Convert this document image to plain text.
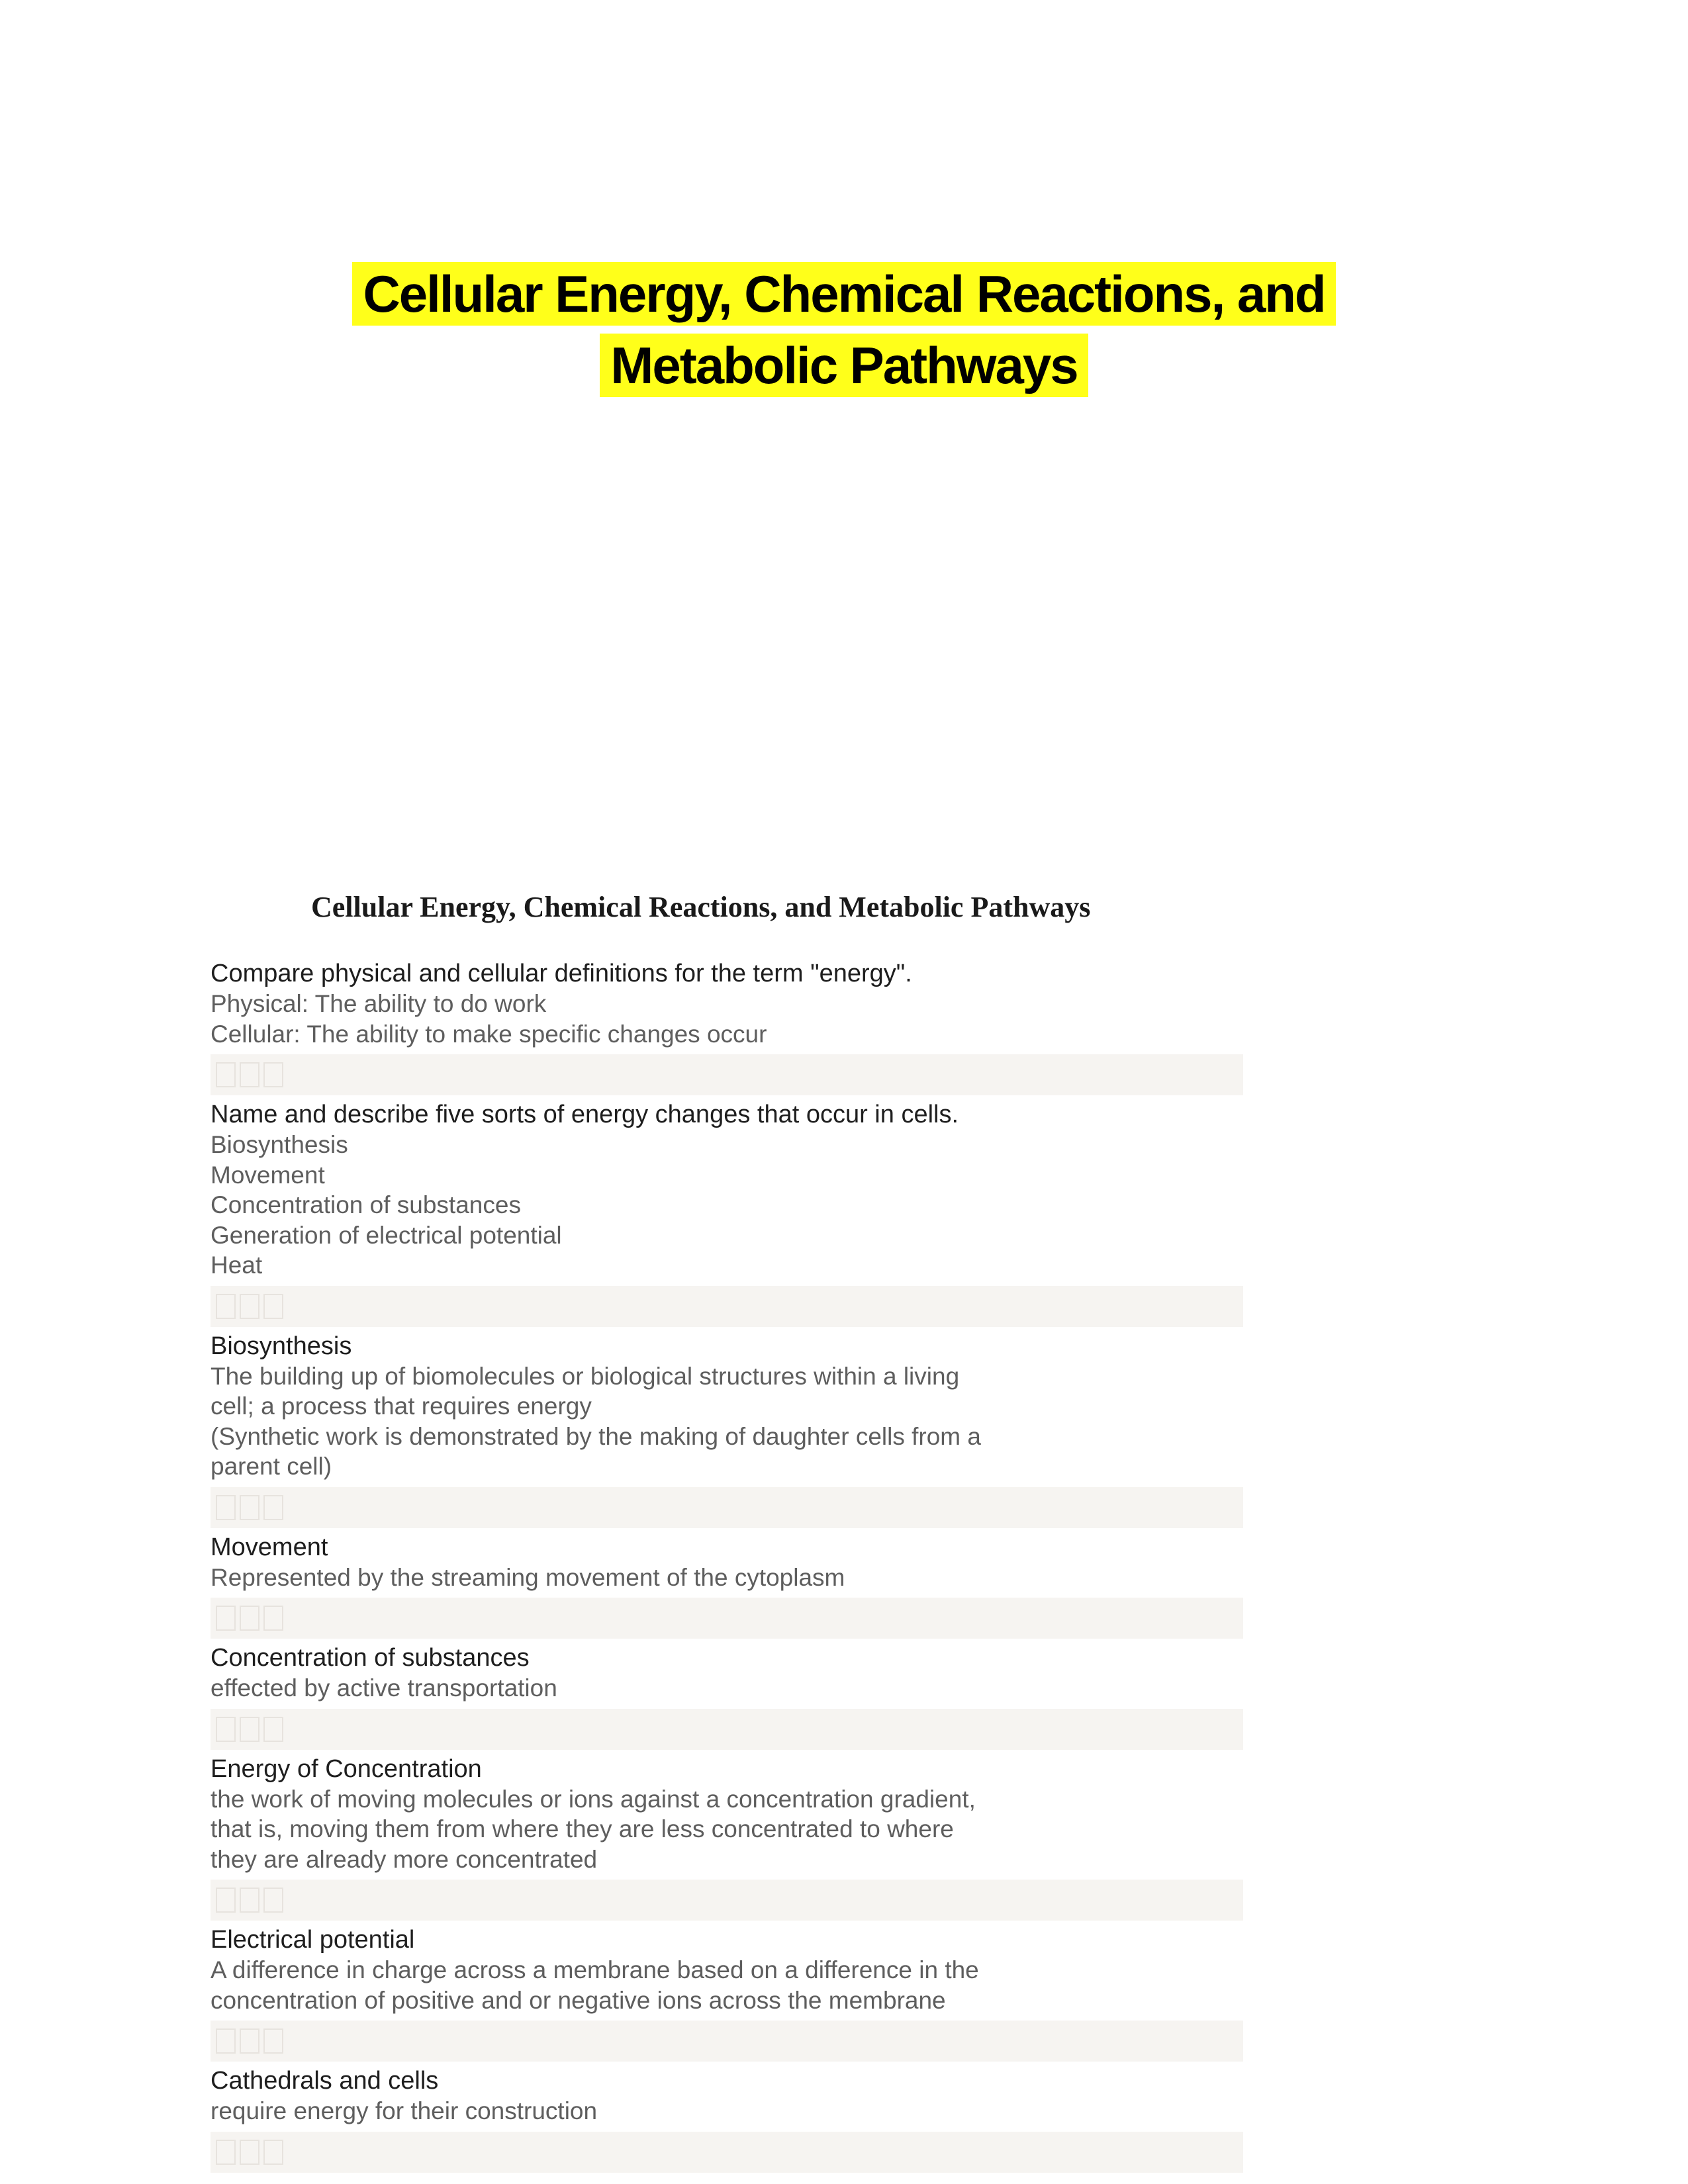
Cellular Energy, Chemical Reactions, and Metabolic Pathways
Cellular Energy, Chemical Reactions, and Metabolic Pathways
Compare physical and cellular definitions for the term "energy".
Physical: The ability to do work
Cellular: The ability to make specific changes occur
Name and describe five sorts of energy changes that occur in cells.
Biosynthesis
Movement
Concentration of substances
Generation of electrical potential
Heat
Biosynthesis
The building up of biomolecules or biological structures within a living cell; a process that requires energy
(Synthetic work is demonstrated by the making of daughter cells from a parent cell)
Movement
Represented by the streaming movement of the cytoplasm
Concentration of substances
effected by active transportation
Energy of Concentration
the work of moving molecules or ions against a concentration gradient, that is, moving them from where they are less concentrated to where they are already more concentrated
Electrical potential
A difference in charge across a membrane based on a difference in the concentration of positive and or negative ions across the membrane
Cathedrals and cells
require energy for their construction
